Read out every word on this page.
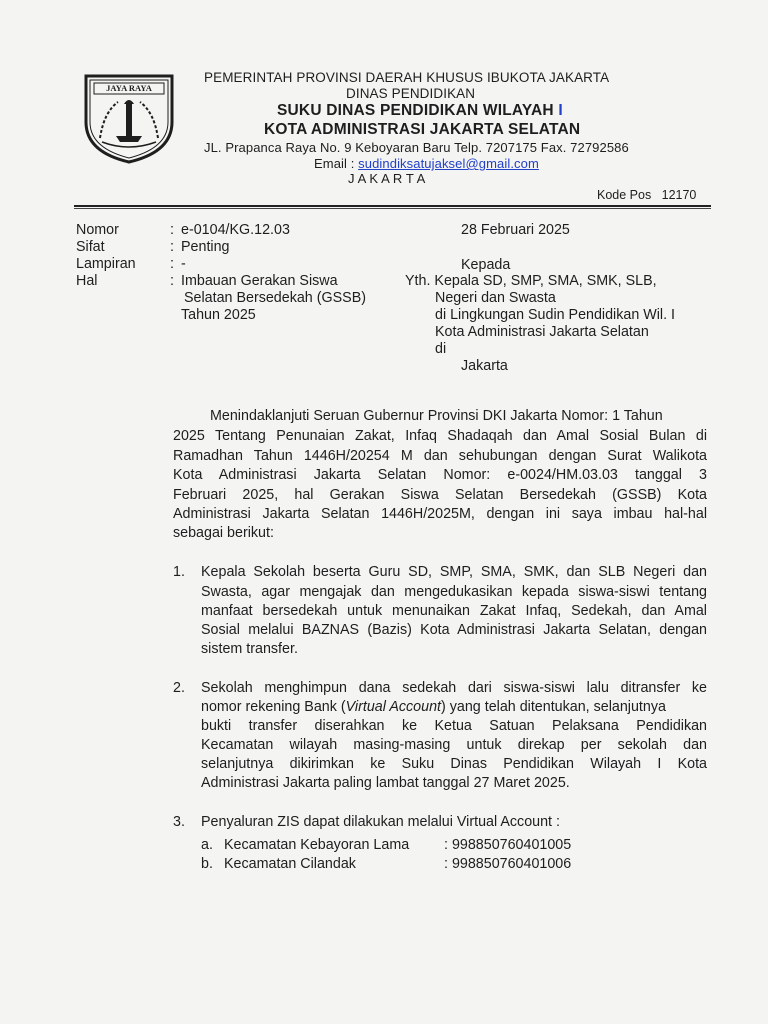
JAYA RAYA
PEMERINTAH PROVINSI DAERAH KHUSUS IBUKOTA JAKARTA
DINAS PENDIDIKAN
SUKU DINAS PENDIDIKAN WILAYAH I
KOTA ADMINISTRASI JAKARTA SELATAN
JL. Prapanca Raya No. 9 Keboyaran Baru Telp. 7207175 Fax. 72792586
Email : sudindiksatujaksel@gmail.com
J A K A R T A
Kode Pos   12170
Nomor	: e-0104/KG.12.03
Sifat	: Penting
Lampiran : -
Hal	: Imbauan Gerakan Siswa
Selatan Bersedekah (GSSB)
Tahun 2025
28 Februari 2025
Kepada
Yth. Kepala SD, SMP, SMA, SMK, SLB,
Negeri dan Swasta
di Lingkungan Sudin Pendidikan Wil. I
Kota Administrasi Jakarta Selatan
di
Jakarta
Menindaklanjuti Seruan Gubernur Provinsi DKI Jakarta Nomor: 1 Tahun
2025 Tentang Penunaian Zakat, Infaq Shadaqah dan Amal Sosial Bulan di
Ramadhan Tahun 1446H/20254 M dan sehubungan dengan Surat Walikota
Kota Administrasi Jakarta Selatan Nomor: e-0024/HM.03.03 tanggal 3
Februari 2025, hal Gerakan Siswa Selatan Bersedekah (GSSB) Kota
Administrasi Jakarta Selatan 1446H/2025M, dengan ini saya imbau hal-hal
sebagai berikut:
1. Kepala Sekolah beserta Guru SD, SMP, SMA, SMK, dan SLB Negeri dan
Swasta, agar mengajak dan mengedukasikan kepada siswa-siswi tentang
manfaat bersedekah untuk menunaikan Zakat Infaq, Sedekah, dan Amal
Sosial melalui BAZNAS (Bazis) Kota Administrasi Jakarta Selatan, dengan
sistem transfer.
2. Sekolah menghimpun dana sedekah dari siswa-siswi lalu ditransfer ke
nomor rekening Bank (Virtual Account) yang telah ditentukan, selanjutnya
bukti transfer diserahkan ke Ketua Satuan Pelaksana Pendidikan
Kecamatan wilayah masing-masing untuk direkap per sekolah dan
selanjutnya dikirimkan ke Suku Dinas Pendidikan Wilayah I Kota
Administrasi Jakarta paling lambat tanggal 27 Maret 2025.
3. Penyaluran ZIS dapat dilakukan melalui Virtual Account :
a. Kecamatan Kebayoran Lama : 998850760401005
b. Kecamatan Cilandak	: 998850760401006
